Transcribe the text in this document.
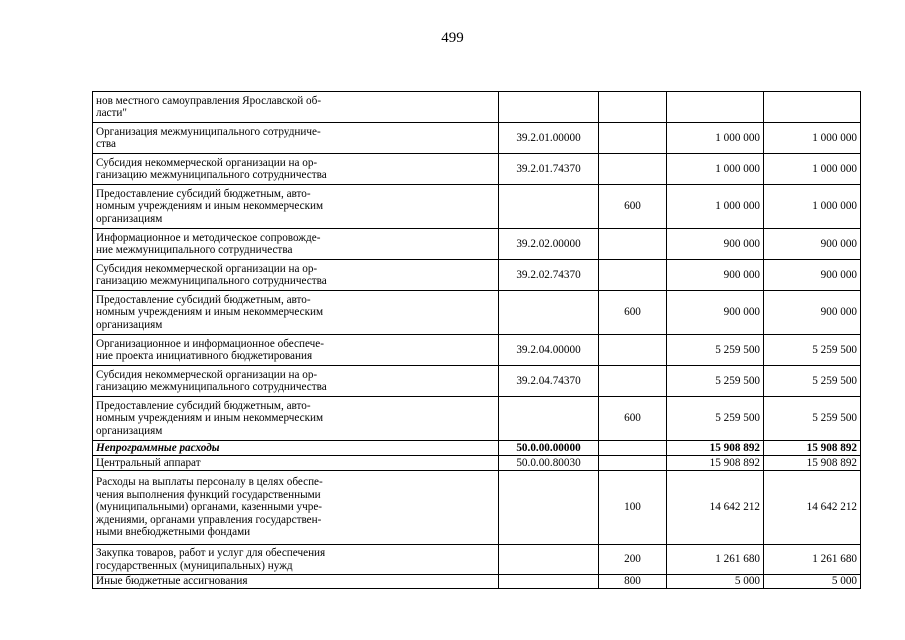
499
нов местного самоуправления Ярославской об-
ласти"				

Организация межмуниципального сотрудниче-
ства	39.2.01.00000		1 000 000	1 000 000

Субсидия некоммерческой организации на ор-
ганизацию межмуниципального сотрудничества	39.2.01.74370		1 000 000	1 000 000

Предоставление субсидий бюджетным, авто-
номным учреждениям и иным некоммерческим
организациям		600	1 000 000	1 000 000

Информационное и методическое сопровожде-
ние межмуниципального сотрудничества	39.2.02.00000		900 000	900 000

Субсидия некоммерческой организации на ор-
ганизацию межмуниципального сотрудничества	39.2.02.74370		900 000	900 000

Предоставление субсидий бюджетным, авто-
номным учреждениям и иным некоммерческим
организациям		600	900 000	900 000

Организационное и информационное обеспече-
ние проекта инициативного бюджетирования	39.2.04.00000		5 259 500	5 259 500

Субсидия некоммерческой организации на ор-
ганизацию межмуниципального сотрудничества	39.2.04.74370		5 259 500	5 259 500

Предоставление субсидий бюджетным, авто-
номным учреждениям и иным некоммерческим
организациям		600	5 259 500	5 259 500

Непрограммные расходы	50.0.00.00000		15 908 892	15 908 892

Центральный аппарат	50.0.00.80030		15 908 892	15 908 892

Расходы на выплаты персоналу в целях обеспе-
чения выполнения функций государственными
(муниципальными) органами, казенными учре-
ждениями, органами управления государствен-
ными внебюджетными фондами		100	14 642 212	14 642 212

Закупка товаров, работ и услуг для обеспечения
государственных (муниципальных) нужд		200	1 261 680	1 261 680

Иные бюджетные ассигнования		800	5 000	5 000
